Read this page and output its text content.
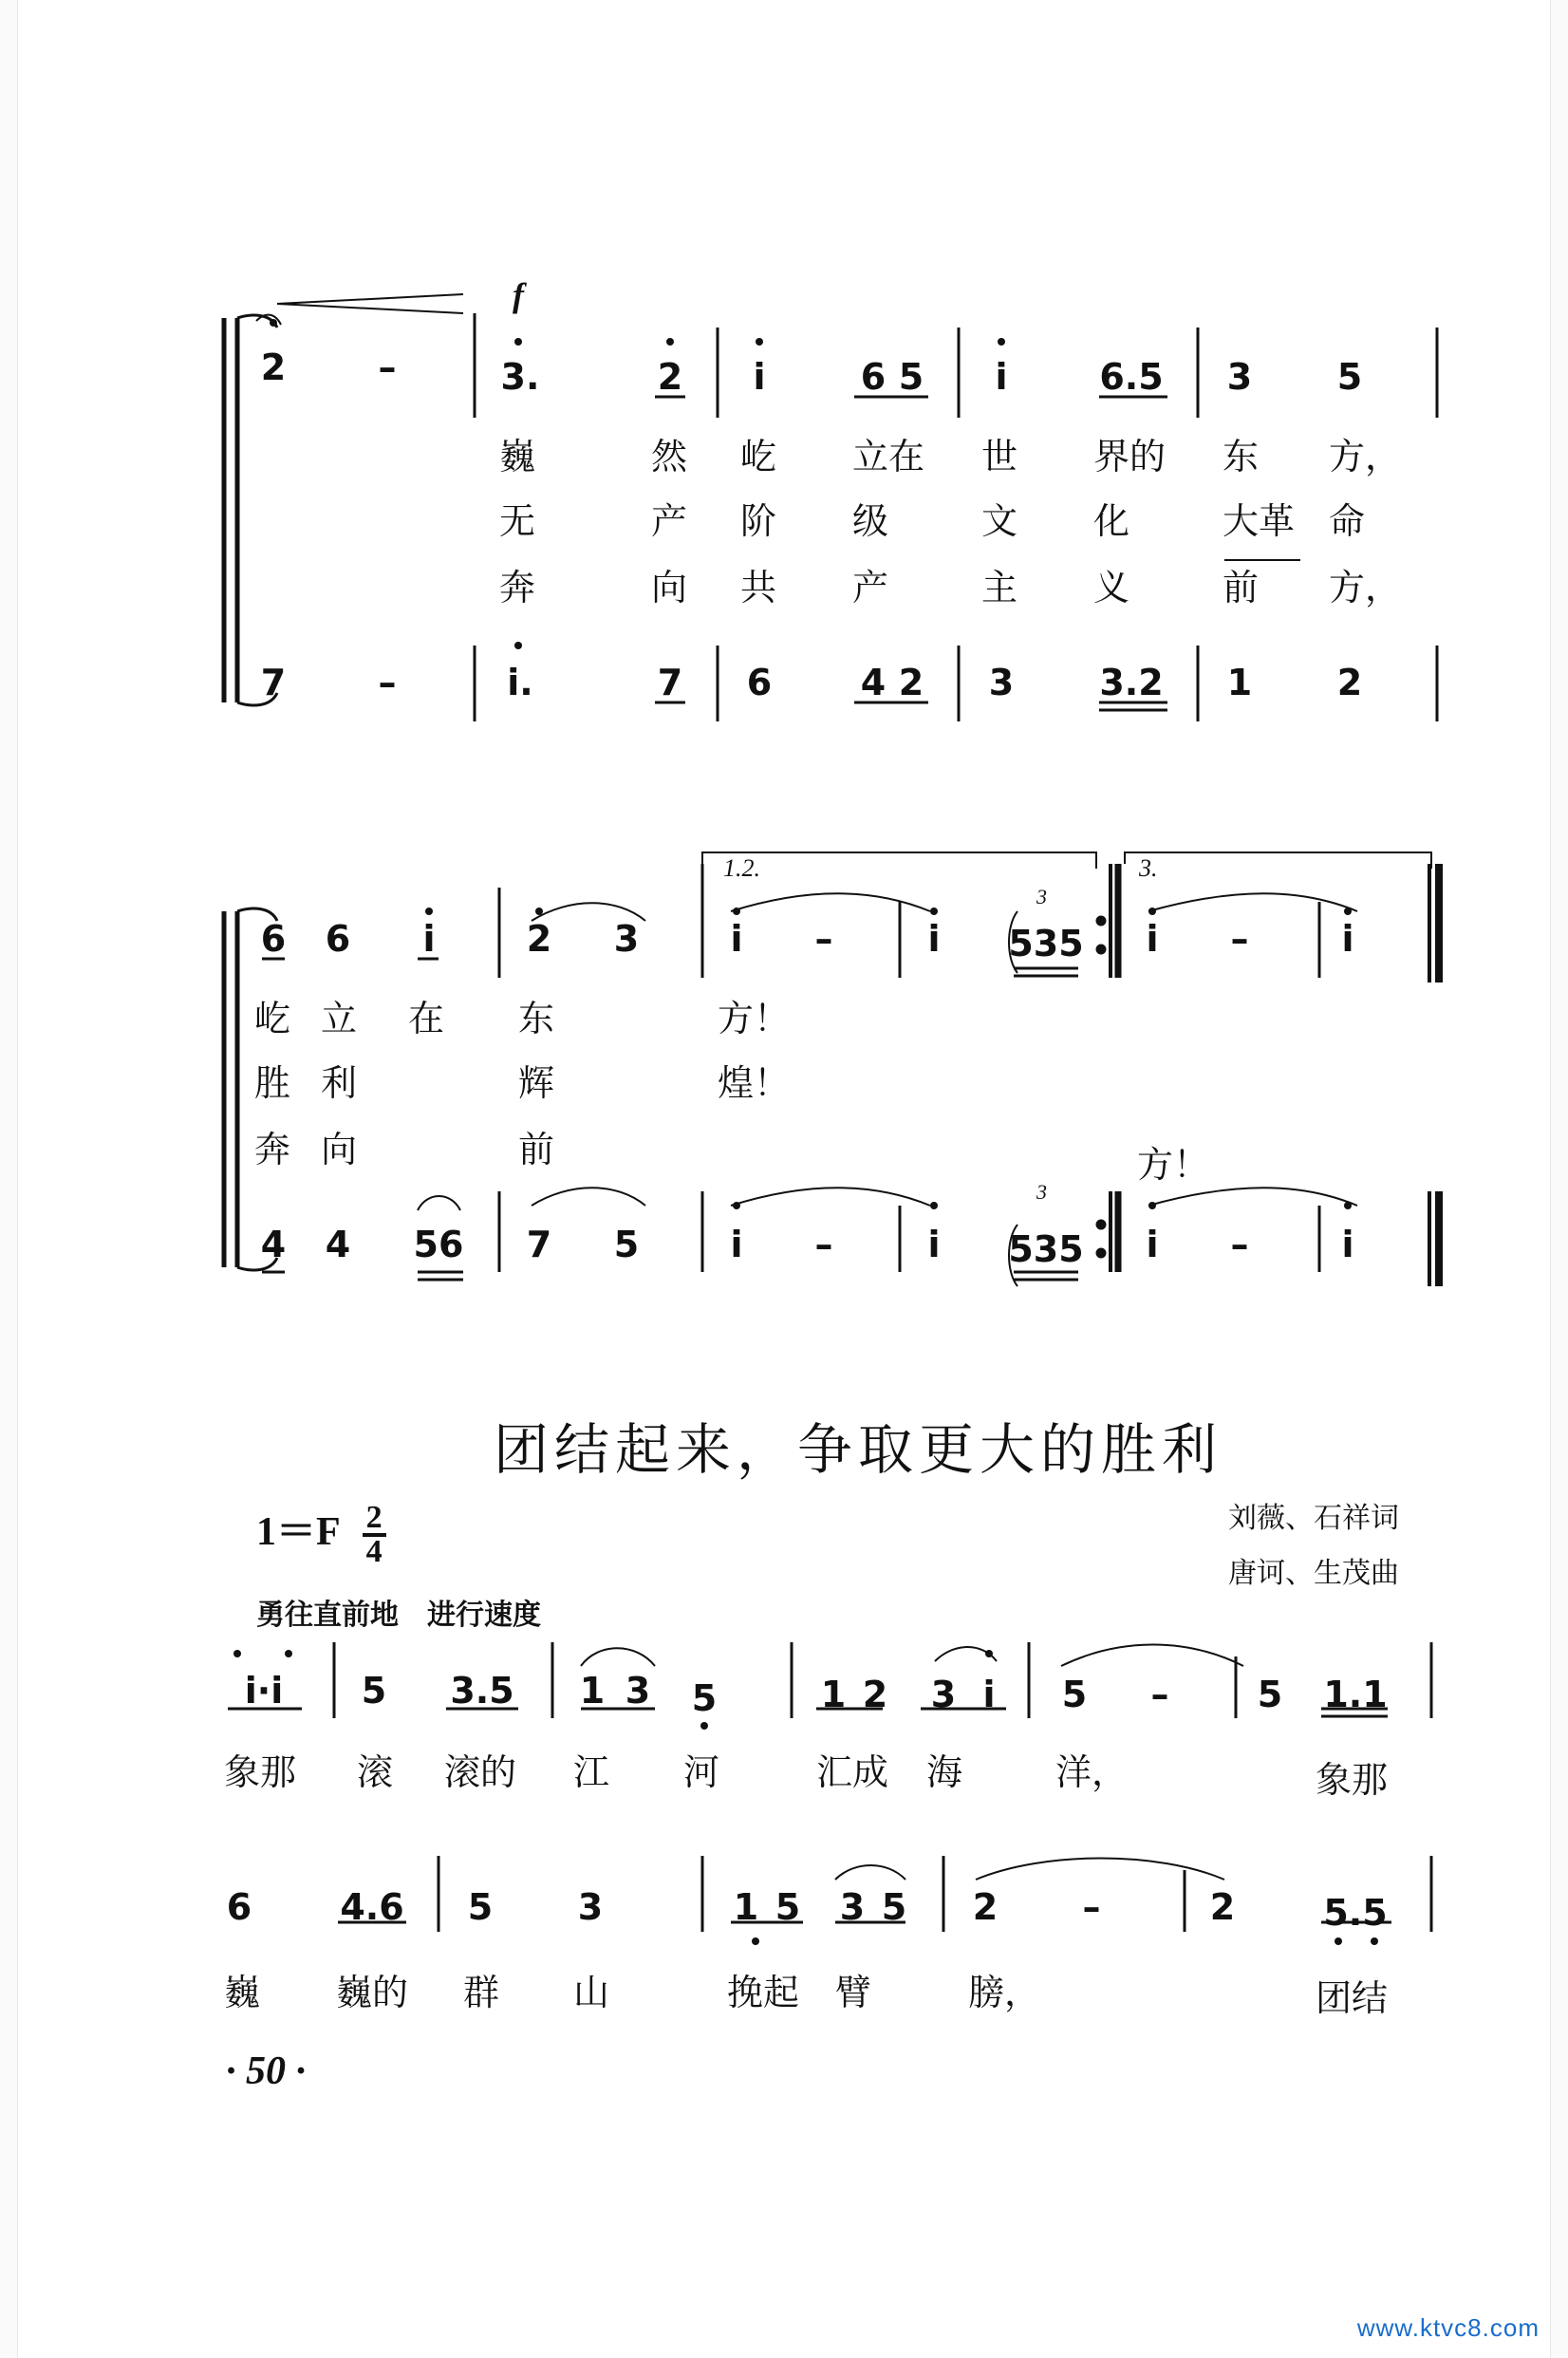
f
1.2.	3.
3
3
2	–	3.	2 i	6 5 i	6.5 3 5
巍	然 屹 立在 世 界的 东 方，
无	产 阶 级	文 化	大革 命
奔	向 共 产	主 义	前 方，
7	–	i.	7 6 4 2 3 3.2 1 2
6 6 i	2 3	i –	i 535 i –	i
屹 立 在 东	方！
胜 利	辉	煌！
奔 向	前	方！
4 4 56 7 5	i –	i 535 i –	i
团结起来，争取更大的胜利
$1=F \frac{2}{4}$	刘薇、石祥词
唐诃、生茂曲
勇往直前地　进行速度
i·i 5 3.5 1 3 5	1 2 3 i 5 – 5 1.1
象那 滚 滚的 江 河	汇成 海	洋，	象那
6 4.6 5 3	1 5 3 5 2 –	2 5.5
巍 巍的 群 山	挽起 臂	膀，	团结
· 50 ·
www.ktvc8.com
